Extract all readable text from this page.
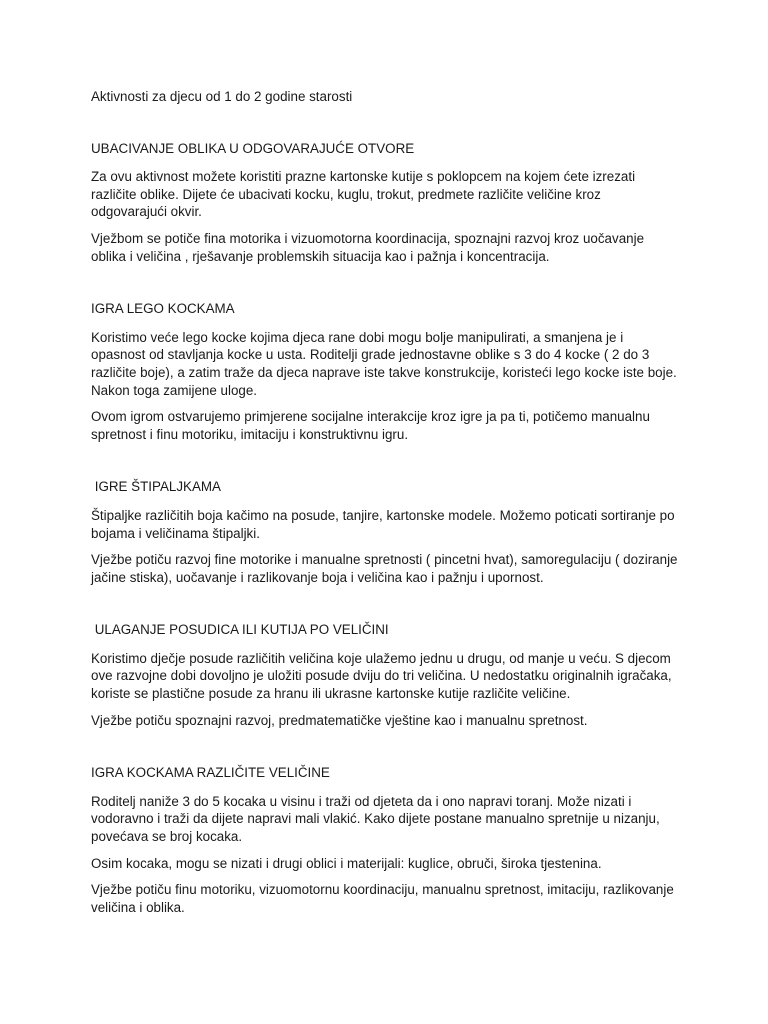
Aktivnosti za djecu od 1 do 2 godine starosti

UBACIVANJE OBLIKA U ODGOVARAJUĆE OTVORE

Za ovu aktivnost možete koristiti prazne kartonske kutije s poklopcem na kojem ćete izrezati različite oblike. Dijete će ubacivati kocku, kuglu, trokut, predmete različite veličine kroz odgovarajući okvir.

Vježbom se potiče fina motorika i vizuomotorna koordinacija, spoznajni razvoj kroz uočavanje oblika i veličina , rješavanje problemskih situacija kao i pažnja i koncentracija.

IGRA LEGO KOCKAMA

Koristimo veće lego kocke kojima djeca rane dobi mogu bolje manipulirati, a smanjena je i opasnost od stavljanja kocke u usta. Roditelji grade jednostavne oblike s 3 do 4 kocke ( 2 do 3 različite boje), a zatim traže da djeca naprave iste takve konstrukcije, koristeći lego kocke iste boje. Nakon toga zamijene uloge.

Ovom igrom ostvarujemo primjerene socijalne interakcije kroz igre ja pa ti, potičemo manualnu spretnost i finu motoriku, imitaciju i konstruktivnu igru.

IGRE ŠTIPALJKAMA

Štipaljke različitih boja kačimo na posude, tanjire, kartonske modele. Možemo poticati sortiranje po bojama i veličinama štipaljki.

Vježbe potiču razvoj fine motorike i manualne spretnosti ( pincetni hvat), samoregulaciju ( doziranje jačine stiska), uočavanje i razlikovanje boja i veličina kao i pažnju i upornost.

ULAGANJE POSUDICA ILI KUTIJA PO VELIČINI

Koristimo dječje posude različitih veličina koje ulažemo jednu u drugu, od manje u veću. S djecom ove razvojne dobi dovoljno je uložiti posude dviju do tri veličina. U nedostatku originalnih igračaka, koriste se plastične posude za hranu ili ukrasne kartonske kutije različite veličine.

Vježbe potiču spoznajni razvoj, predmatematičke vještine kao i manualnu spretnost.

IGRA KOCKAMA RAZLIČITE VELIČINE

Roditelj naniže 3 do 5 kocaka u visinu i traži od djeteta da i ono napravi toranj. Može nizati i vodoravno i traži da dijete napravi mali vlakić. Kako dijete postane manualno spretnije u nizanju, povećava se broj kocaka.

Osim kocaka, mogu se nizati i drugi oblici i materijali: kuglice, obruči, široka tjestenina.

Vježbe potiču finu motoriku, vizuomotornu koordinaciju, manualnu spretnost, imitaciju, razlikovanje veličina i oblika.
